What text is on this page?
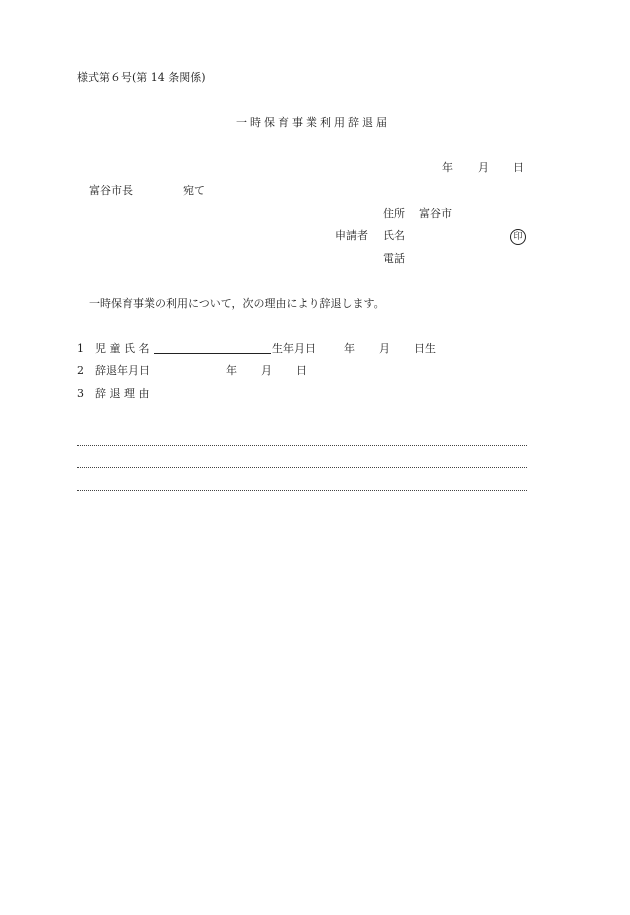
様式第６号(第 14 条関係)
一時保育事業利用辞退届
年 月 日
富谷市長	宛て
住所 富谷市
申請者 氏名	印
電話
一時保育事業の利用について，次の理由により辞退します。
1 児 童 氏 名	生年月日	年 月 日生
2 辞退年月日	年 月 日
3 辞 退 理 由
